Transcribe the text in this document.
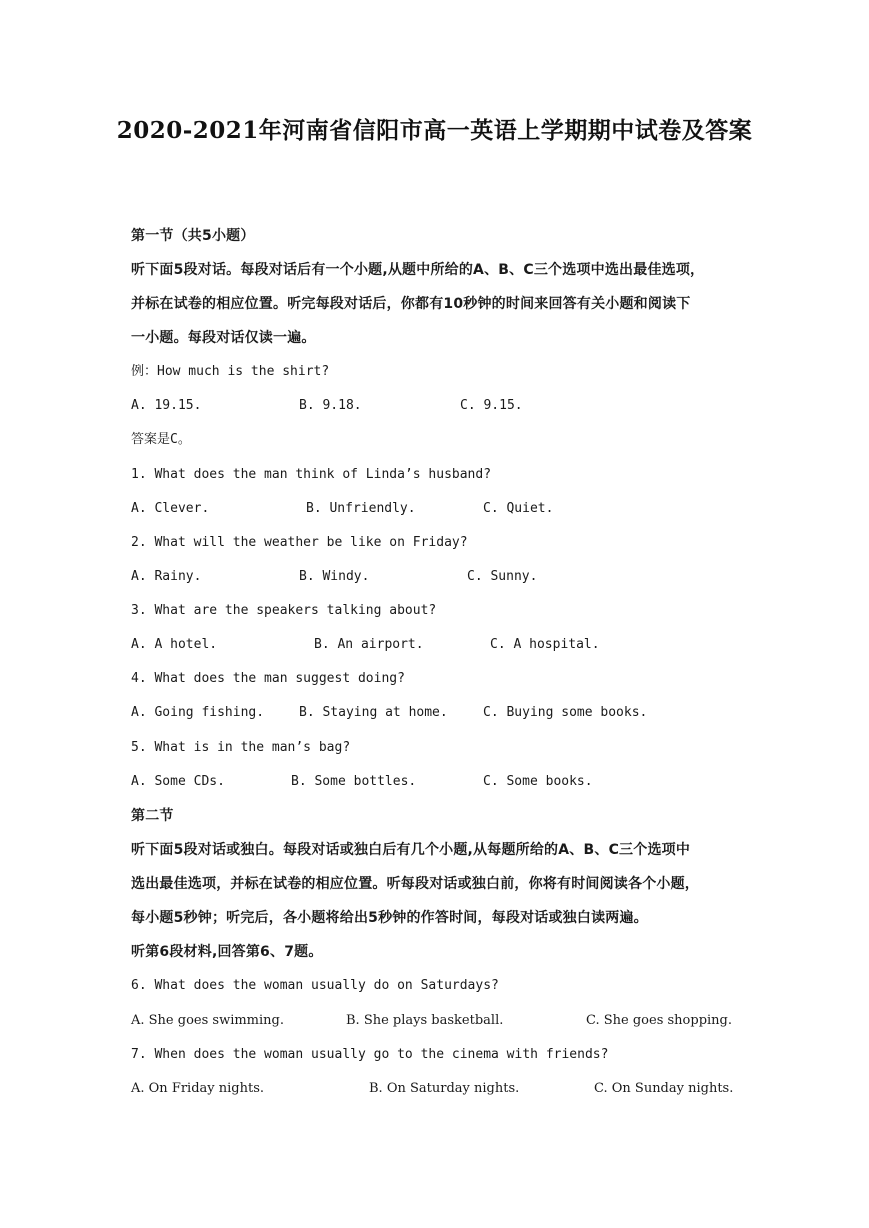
2020-2021年河南省信阳市高一英语上学期期中试卷及答案
第一节（共5小题）
听下面5段对话。每段对话后有一个小题,从题中所给的A、B、C三个选项中选出最佳选项，
并标在试卷的相应位置。听完每段对话后，你都有10秒钟的时间来回答有关小题和阅读下
一小题。每段对话仅读一遍。
例：How much is the shirt?
A. 19.15.	B. 9.18.	C. 9.15.
答案是C。
1. What does the man think of Linda’s husband?
A. Clever.	B. Unfriendly.	C. Quiet.
2. What will the weather be like on Friday?
A. Rainy.	B. Windy.	C. Sunny.
3. What are the speakers talking about?
A. A hotel.	B. An airport.	C. A hospital.
4. What does the man suggest doing?
A. Going fishing.	B. Staying at home.	C. Buying some books.
5. What is in the man’s bag?
A. Some CDs.	B. Some bottles.	C. Some books.
第二节
听下面5段对话或独白。每段对话或独白后有几个小题,从每题所给的A、B、C三个选项中
选出最佳选项，并标在试卷的相应位置。听每段对话或独白前，你将有时间阅读各个小题，
每小题5秒钟；听完后，各小题将给出5秒钟的作答时间，每段对话或独白读两遍。
听第6段材料,回答第6、7题。
6. What does the woman usually do on Saturdays?
A. She goes swimming.	B. She plays basketball.	C. She goes shopping.
7. When does the woman usually go to the cinema with friends?
A. On Friday nights.	B. On Saturday nights.	C. On Sunday nights.
